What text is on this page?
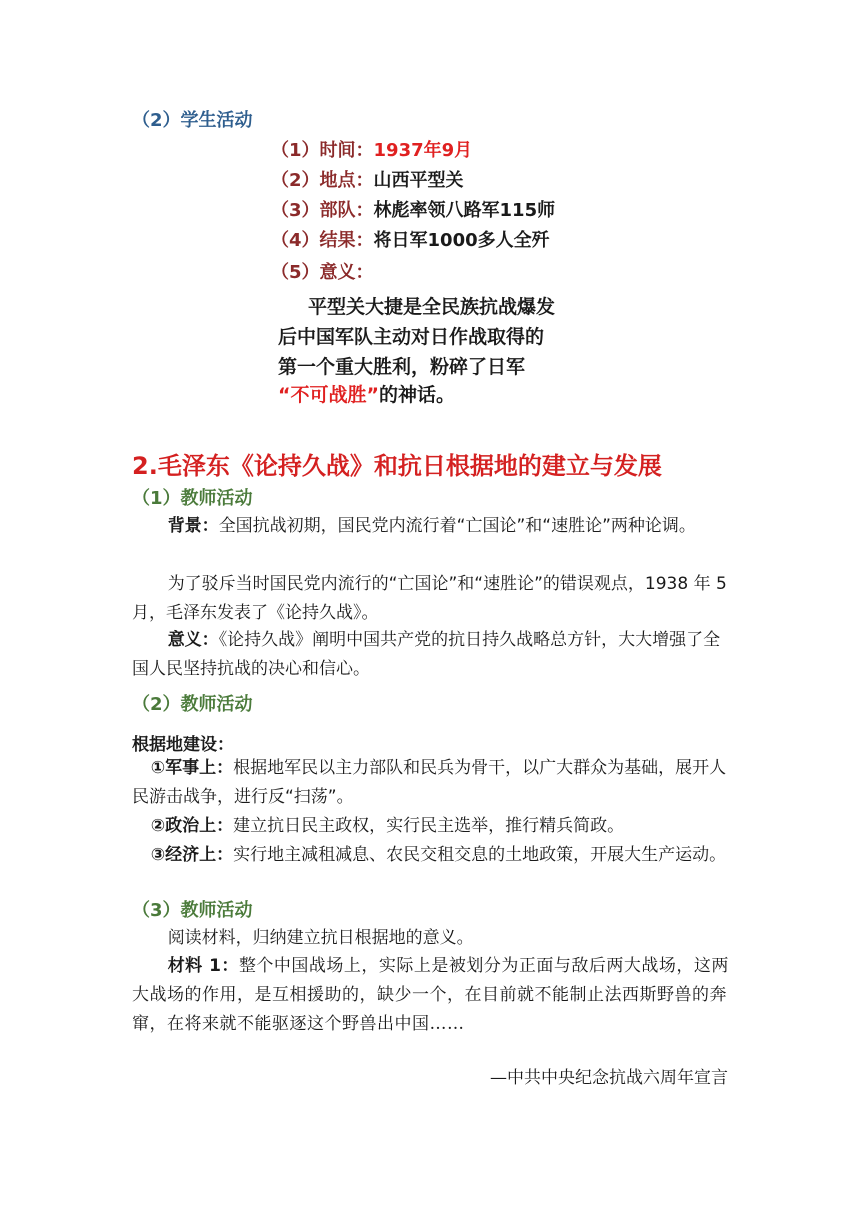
（2）学生活动
（1）时间：1937年9月
（2）地点：山西平型关
（3）部队：林彪率领八路军115师
（4）结果：将日军1000多人全歼
（5）意义：
平型关大捷是全民族抗战爆发
后中国军队主动对日作战取得的
第一个重大胜利，粉碎了日军
“不可战胜”的神话。
2.毛泽东《论持久战》和抗日根据地的建立与发展
（1）教师活动
背景：全国抗战初期，国民党内流行着“亡国论”和“速胜论”两种论调。
为了驳斥当时国民党内流行的“亡国论”和“速胜论”的错误观点，1938 年 5 月，毛泽东发表了《论持久战》。
意义：《论持久战》阐明中国共产党的抗日持久战略总方针，大大增强了全国人民坚持抗战的决心和信心。
（2）教师活动
根据地建设：
①军事上：根据地军民以主力部队和民兵为骨干，以广大群众为基础，展开人民游击战争，进行反“扫荡”。
②政治上：建立抗日民主政权，实行民主选举，推行精兵简政。
③经济上：实行地主减租减息、农民交租交息的土地政策，开展大生产运动。
（3）教师活动
阅读材料，归纳建立抗日根据地的意义。
材料 1：整个中国战场上，实际上是被划分为正面与敌后两大战场，这两大战场的作用，是互相援助的，缺少一个，在目前就不能制止法西斯野兽的奔窜，在将来就不能驱逐这个野兽出中国……
—中共中央纪念抗战六周年宣言
